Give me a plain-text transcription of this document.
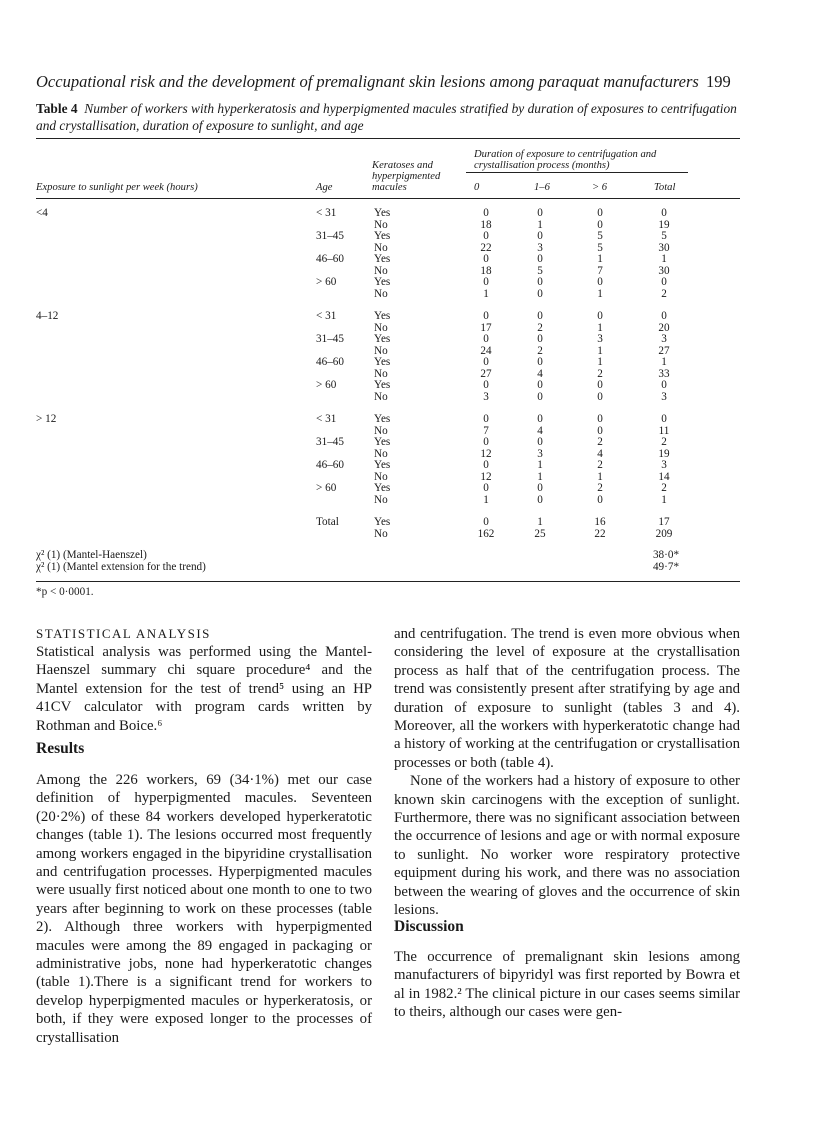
Occupational risk and the development of premalignant skin lesions among paraquat manufacturers 199
Table 4 Number of workers with hyperkeratosis and hyperpigmented macules stratified by duration of exposures to centrifugation and crystallisation, duration of exposure to sunlight, and age
Exposure to sunlight per week (hours)	Age
Keratoses and
hyperpigmented
macules
Duration of exposure to centrifugation and
crystallisation process (months)
0	1–6	> 6	Total
<4	< 31	Yes	0	0	0	0
No	18	1	0	19
31–45	Yes	0	0	5	5
No	22	3	5	30
46–60	Yes	0	0	1	1
No	18	5	7	30
> 60	Yes	0	0	0	0
No	1	0	1	2
4–12	< 31	Yes	0	0	0	0
No	17	2	1	20
31–45	Yes	0	0	3	3
No	24	2	1	27
46–60	Yes	0	0	1	1
No	27	4	2	33
> 60	Yes	0	0	0	0
No	3	0	0	3
> 12	< 31	Yes	0	0	0	0
No	7	4	0	11
31–45	Yes	0	0	2	2
No	12	3	4	19
46–60	Yes	0	1	2	3
No	12	1	1	14
> 60	Yes	0	0	2	2
No	1	0	0	1
Total	Yes	0	1	16	17
No	162	25	22	209
χ² (1) (Mantel-Haenszel)	38·0*
χ² (1) (Mantel extension for the trend)	49·7*
*p < 0·0001.
STATISTICAL ANALYSIS

Statistical analysis was performed using the Mantel-Haenszel summary chi square procedure⁴ and the Mantel extension for the test of trend⁵ using an HP 41CV calculator with program cards written by Rothman and Boice.⁶

Results

Among the 226 workers, 69 (34·1%) met our case definition of hyperpigmented macules. Seventeen (20·2%) of these 84 workers developed hyperkeratotic changes (table 1). The lesions occurred most frequently among workers engaged in the bipyridine crystallisation and centrifugation processes. Hyperpigmented macules were usually first noticed about one month to one to two years after beginning to work on these processes (table 2). Although three workers with hyperpigmented macules were among the 89 engaged in packaging or administrative jobs, none had hyperkeratotic changes (table 1).There is a significant trend for workers to develop hyperpigmented macules or hyperkeratosis, or both, if they were exposed longer to the processes of crystallisation

and centrifugation. The trend is even more obvious when considering the level of exposure at the crystallisation process as half that of the centrifugation process. The trend was consistently present after stratifying by age and duration of exposure to sunlight (tables 3 and 4). Moreover, all the workers with hyperkeratotic change had a history of working at the centrifugation or crystallisation processes or both (table 4).

None of the workers had a history of exposure to other known skin carcinogens with the exception of sunlight. Furthermore, there was no significant association between the occurrence of lesions and age or with normal exposure to sunlight. No worker wore respiratory protective equipment during his work, and there was no association between the wearing of gloves and the occurrence of skin lesions.

Discussion

The occurrence of premalignant skin lesions among manufacturers of bipyridyl was first reported by Bowra et al in 1982.² The clinical picture in our cases seems similar to theirs, although our cases were gen-
